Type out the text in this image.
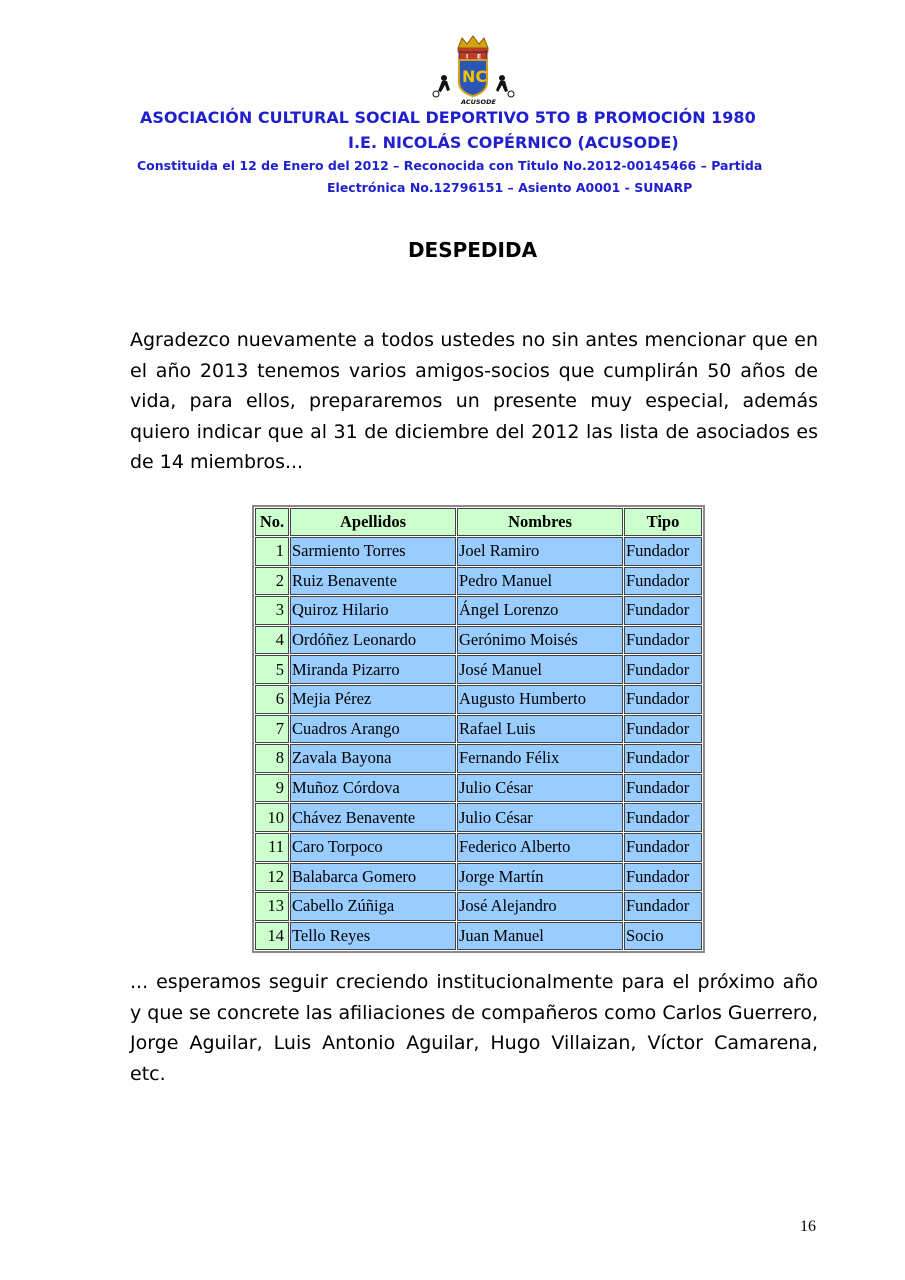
I E
NC
ACUSODE
ASOCIACIÓN CULTURAL SOCIAL DEPORTIVO 5TO B PROMOCIÓN 1980
I.E. NICOLÁS COPÉRNICO (ACUSODE)
Constituida el 12 de Enero del 2012 – Reconocida con Titulo No.2012-00145466 – Partida
Electrónica No.12796151 – Asiento A0001 - SUNARP
DESPEDIDA
Agradezco nuevamente a todos ustedes no sin antes mencionar que en el año 2013 tenemos varios amigos-socios que cumplirán 50 años de vida, para ellos, prepararemos un presente muy especial, además quiero indicar que al 31 de diciembre del 2012 las lista de asociados es de 14 miembros...
No.	Apellidos	Nombres	Tipo
1	Sarmiento Torres	Joel Ramiro	Fundador
2	Ruiz Benavente	Pedro Manuel	Fundador
3	Quiroz Hilario	Ángel Lorenzo	Fundador
4	Ordóñez Leonardo	Gerónimo Moisés	Fundador
5	Miranda Pizarro	José Manuel	Fundador
6	Mejia Pérez	Augusto Humberto	Fundador
7	Cuadros Arango	Rafael Luis	Fundador
8	Zavala Bayona	Fernando Félix	Fundador
9	Muñoz Córdova	Julio César	Fundador
10	Chávez Benavente	Julio César	Fundador
11	Caro Torpoco	Federico Alberto	Fundador
12	Balabarca Gomero	Jorge Martín	Fundador
13	Cabello Zúñiga	José Alejandro	Fundador
14	Tello Reyes	Juan Manuel	Socio
... esperamos seguir creciendo institucionalmente para el próximo año y que se concrete las afiliaciones de compañeros como Carlos Guerrero, Jorge Aguilar, Luis Antonio Aguilar, Hugo Villaizan, Víctor Camarena, etc.
16
